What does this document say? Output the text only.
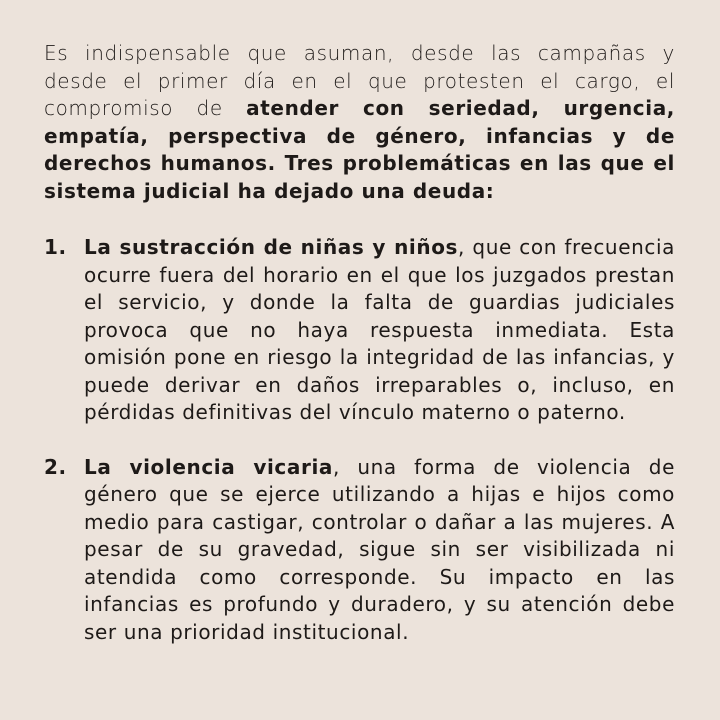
Es indispensable que asuman, desde las campañas y desde el primer día en el que protesten el cargo, el compromiso de atender con seriedad, urgencia, empatía, perspectiva de género, infancias y de derechos humanos. Tres problemáticas en las que el sistema judicial ha dejado una deuda:

1. La sustracción de niñas y niños, que con frecuencia ocurre fuera del horario en el que los juzgados prestan el servicio, y donde la falta de guardias judiciales provoca que no haya respuesta inmediata. Esta omisión pone en riesgo la integridad de las infancias, y puede derivar en daños irreparables o, incluso, en pérdidas definitivas del vínculo materno o paterno.
2. La violencia vicaria, una forma de violencia de género que se ejerce utilizando a hijas e hijos como medio para castigar, controlar o dañar a las mujeres. A pesar de su gravedad, sigue sin ser visibilizada ni atendida como corresponde. Su impacto en las infancias es profundo y duradero, y su atención debe ser una prioridad institucional.
